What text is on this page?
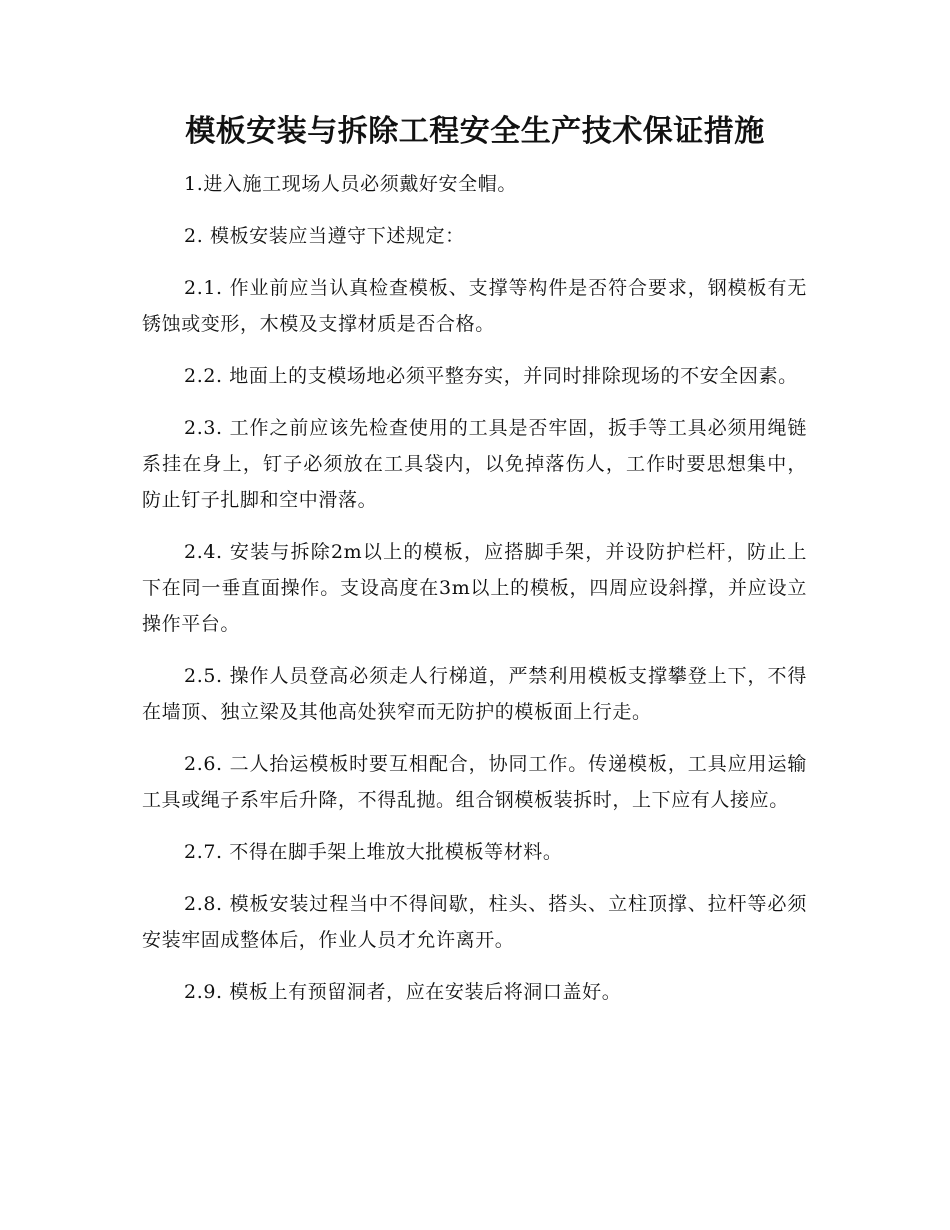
模板安装与拆除工程安全生产技术保证措施

1.进入施工现场人员必须戴好安全帽。

2. 模板安装应当遵守下述规定：

2.1. 作业前应当认真检查模板、支撑等构件是否符合要求，钢模板有无锈蚀或变形，木模及支撑材质是否合格。

2.2. 地面上的支模场地必须平整夯实，并同时排除现场的不安全因素。

2.3. 工作之前应该先检查使用的工具是否牢固，扳手等工具必须用绳链系挂在身上，钉子必须放在工具袋内，以免掉落伤人，工作时要思想集中，防止钉子扎脚和空中滑落。

2.4. 安装与拆除2m以上的模板，应搭脚手架，并设防护栏杆，防止上下在同一垂直面操作。支设高度在3m以上的模板，四周应设斜撑，并应设立操作平台。

2.5. 操作人员登高必须走人行梯道，严禁利用模板支撑攀登上下，不得在墙顶、独立梁及其他高处狭窄而无防护的模板面上行走。

2.6. 二人抬运模板时要互相配合，协同工作。传递模板，工具应用运输工具或绳子系牢后升降，不得乱抛。组合钢模板装拆时，上下应有人接应。

2.7. 不得在脚手架上堆放大批模板等材料。

2.8. 模板安装过程当中不得间歇，柱头、搭头、立柱顶撑、拉杆等必须安装牢固成整体后，作业人员才允许离开。

2.9. 模板上有预留洞者，应在安装后将洞口盖好。
